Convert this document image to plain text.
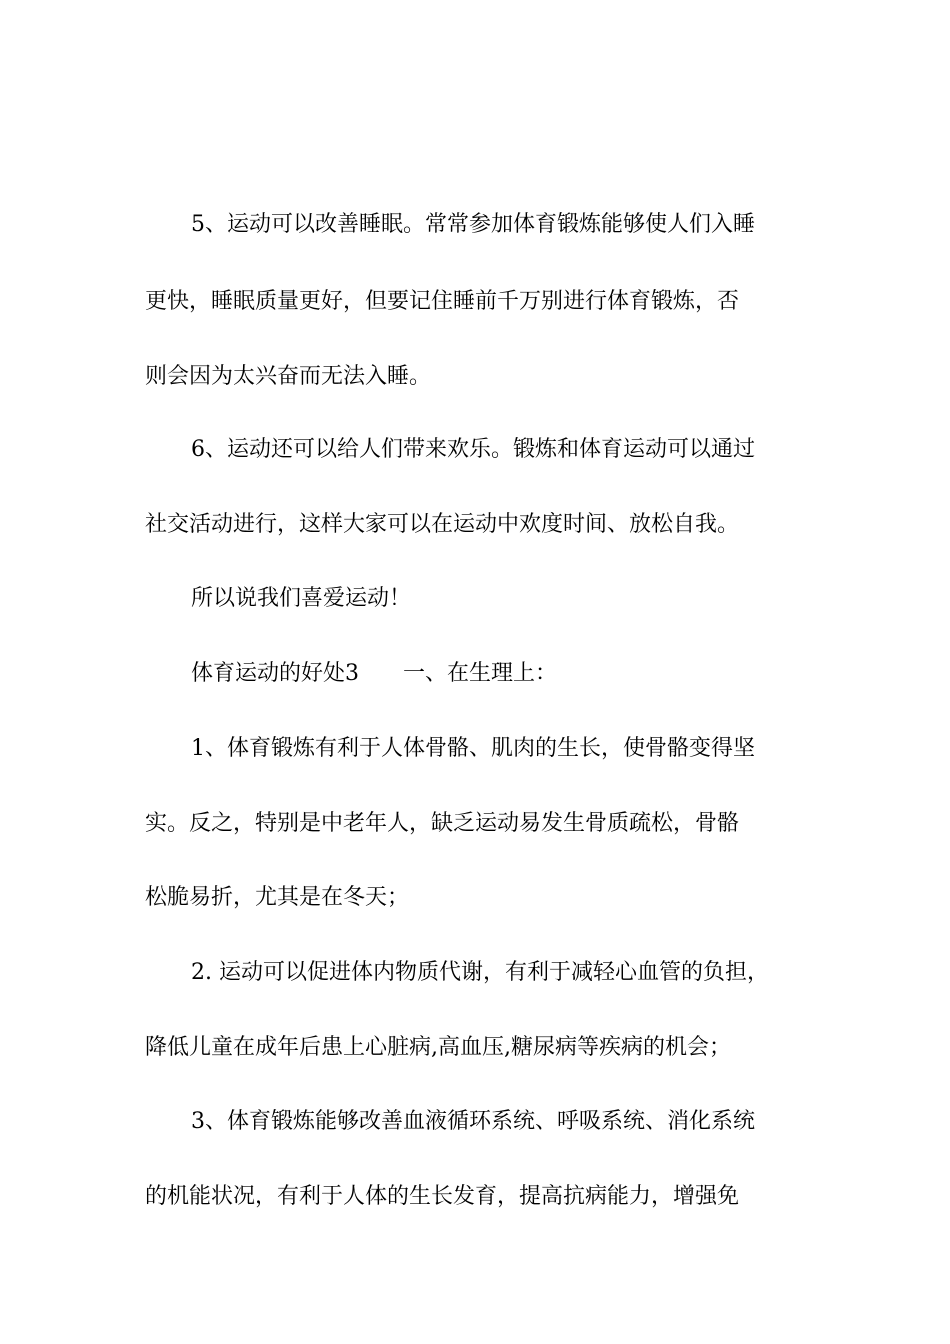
5、运动可以改善睡眠。常常参加体育锻炼能够使人们入睡
更快，睡眠质量更好，但要记住睡前千万别进行体育锻炼，否
则会因为太兴奋而无法入睡。
6、运动还可以给人们带来欢乐。锻炼和体育运动可以通过
社交活动进行，这样大家可以在运动中欢度时间、放松自我。
所以说我们喜爱运动！
体育运动的好处3　　一、在生理上：
1、体育锻炼有利于人体骨骼、肌肉的生长，使骨骼变得坚
实。反之，特别是中老年人，缺乏运动易发生骨质疏松，骨骼
松脆易折，尤其是在冬天；
2. 运动可以促进体内物质代谢，有利于减轻心血管的负担，
降低儿童在成年后患上心脏病,高血压,糖尿病等疾病的机会；
3、体育锻炼能够改善血液循环系统、呼吸系统、消化系统
的机能状况，有利于人体的生长发育，提高抗病能力，增强免
